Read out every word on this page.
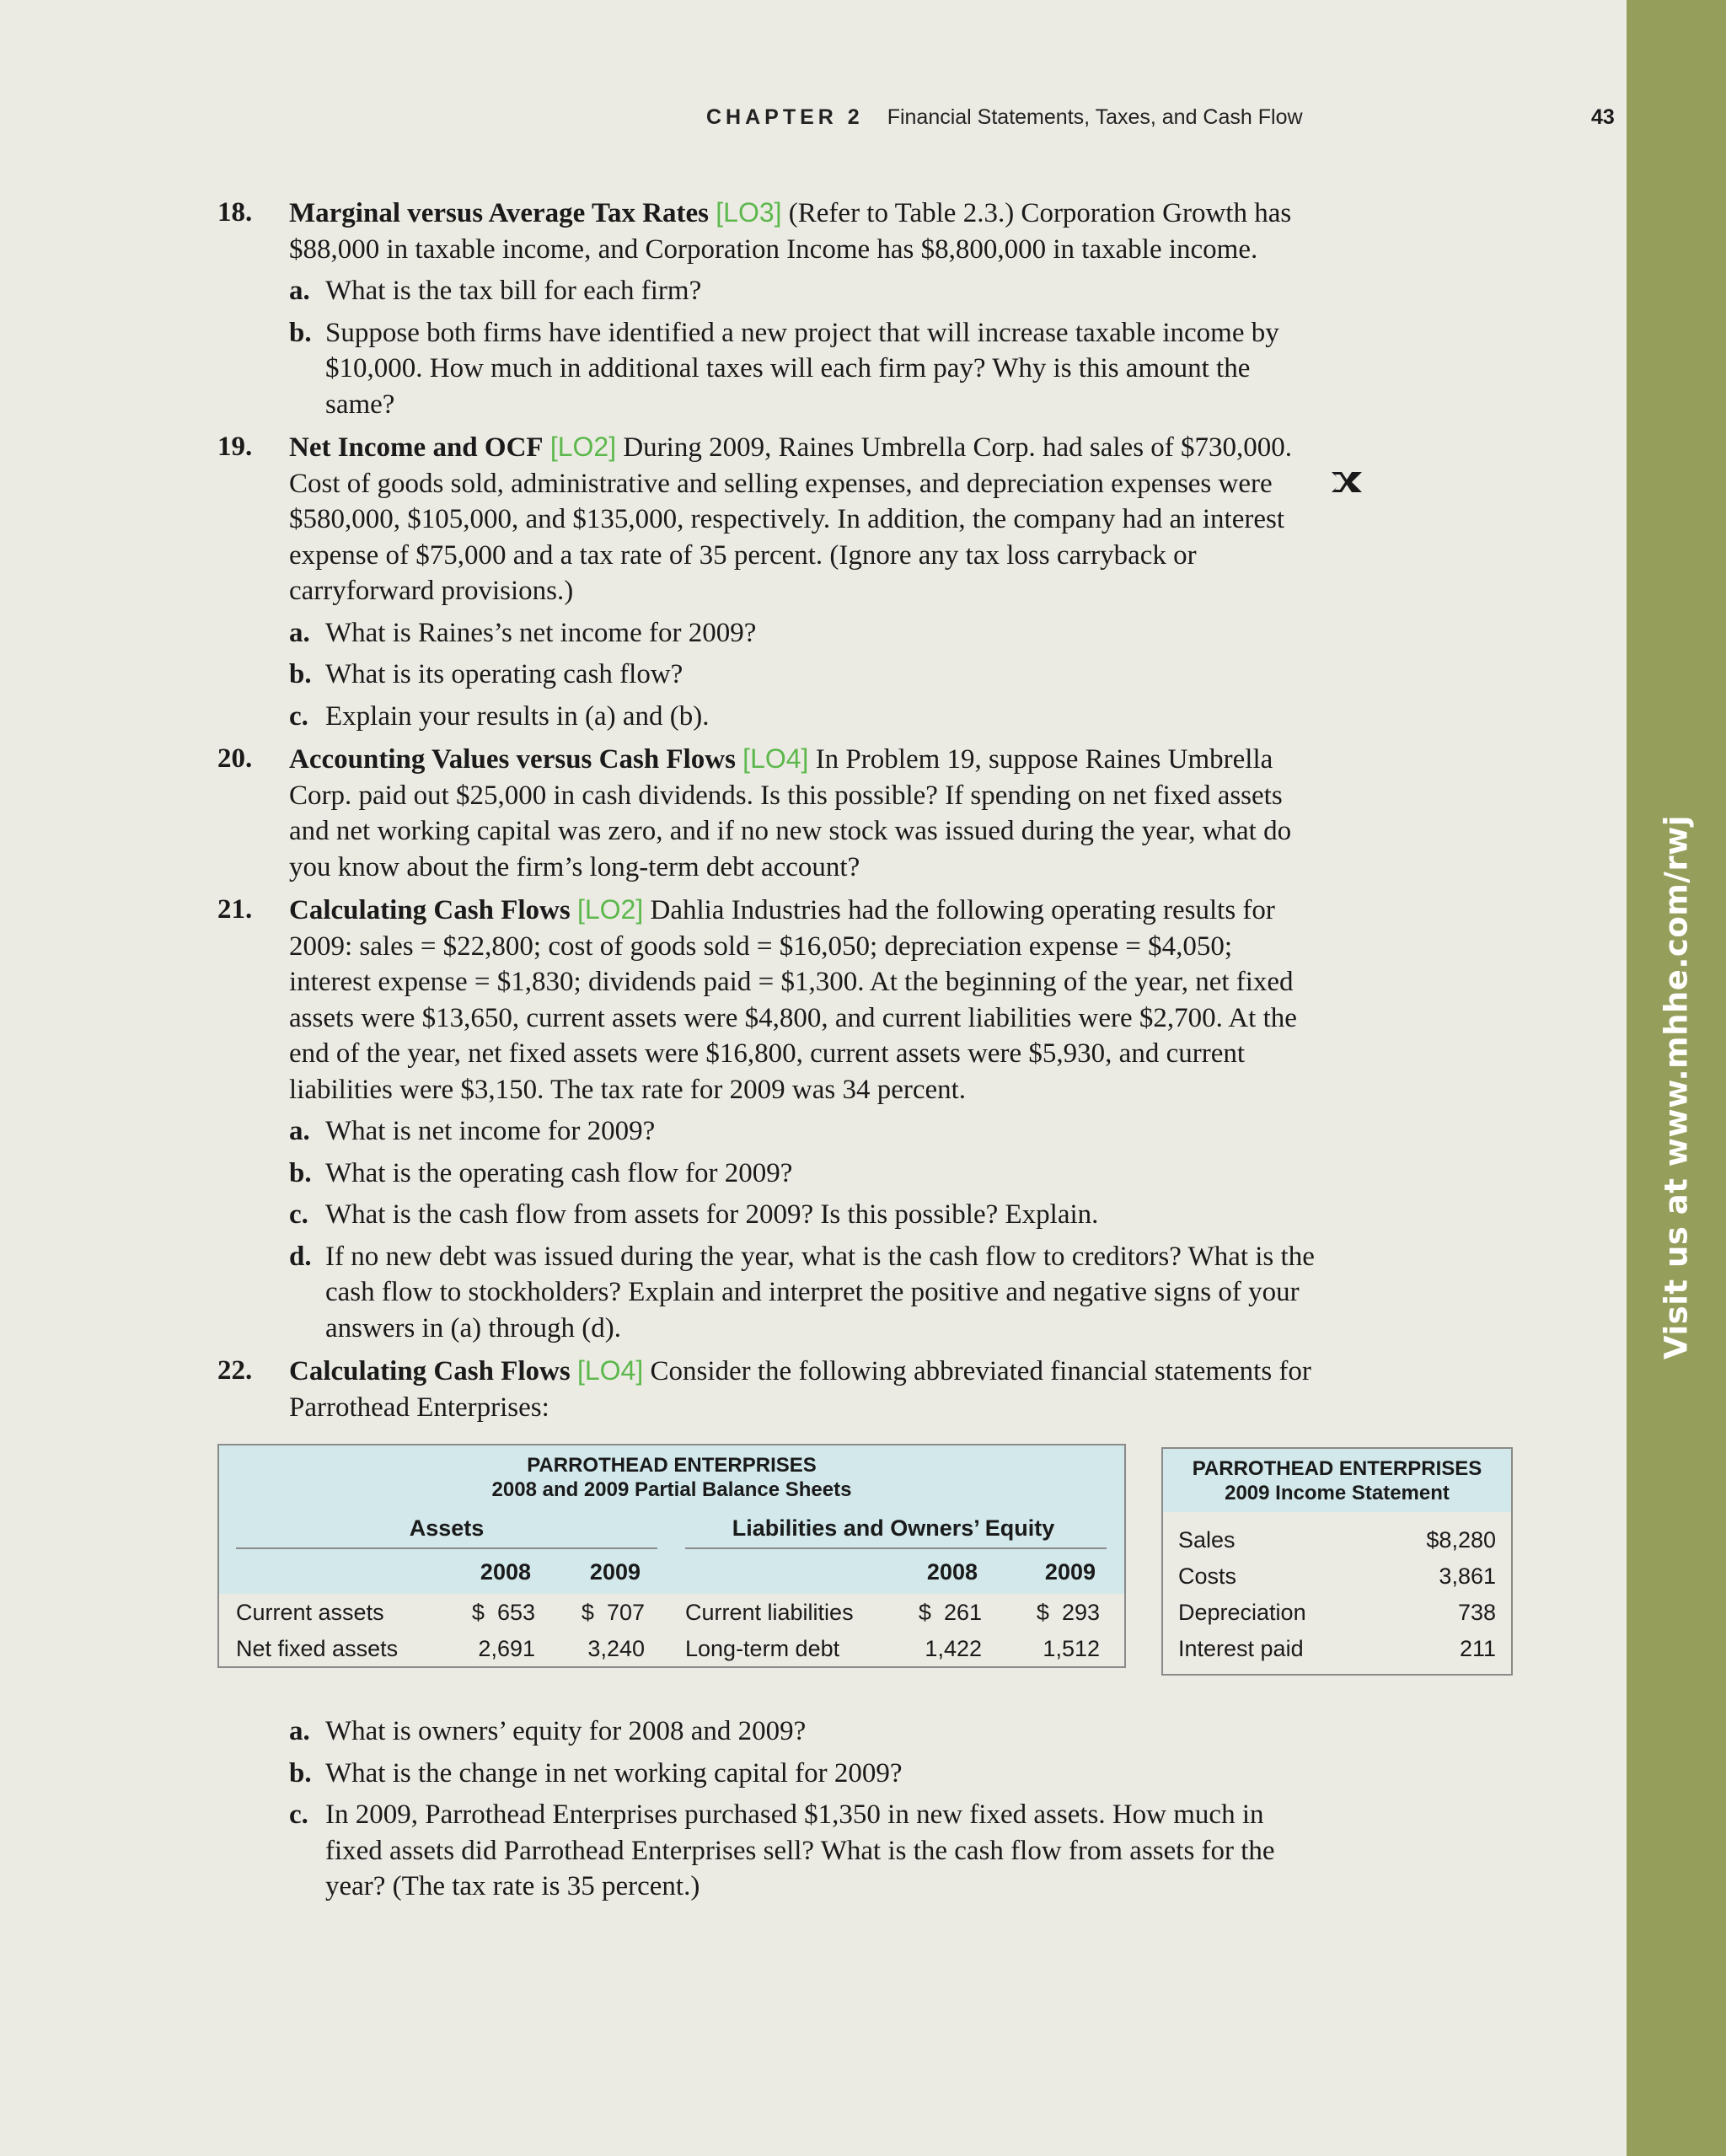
Visit us at www.mhhe.com/rwj
CHAPTER 2 Financial Statements, Taxes, and Cash Flow	43
18. Marginal versus Average Tax Rates [LO3] (Refer to Table 2.3.) Corporation Growth has $88,000 in taxable income, and Corporation Income has $8,800,000 in taxable income.
a. What is the tax bill for each firm?
b. Suppose both firms have identified a new project that will increase taxable income by $10,000. How much in additional taxes will each firm pay? Why is this amount the same?
19. Net Income and OCF [LO2] During 2009, Raines Umbrella Corp. had sales of $730,000. Cost of goods sold, administrative and selling expenses, and depreciation expenses were $580,000, $105,000, and $135,000, respectively. In addition, the company had an interest expense of $75,000 and a tax rate of 35 percent. (Ignore any tax loss carryback or carryforward provisions.)
a. What is Raines’s net income for 2009?
b. What is its operating cash flow?
c. Explain your results in (a) and (b).
20. Accounting Values versus Cash Flows [LO4] In Problem 19, suppose Raines Umbrella Corp. paid out $25,000 in cash dividends. Is this possible? If spending on net fixed assets and net working capital was zero, and if no new stock was issued during the year, what do you know about the firm’s long-term debt account?
21. Calculating Cash Flows [LO2] Dahlia Industries had the following operating results for 2009: sales = $22,800; cost of goods sold = $16,050; depreciation expense = $4,050; interest expense = $1,830; dividends paid = $1,300. At the beginning of the year, net fixed assets were $13,650, current assets were $4,800, and current liabilities were $2,700. At the end of the year, net fixed assets were $16,800, current assets were $5,930, and current liabilities were $3,150. The tax rate for 2009 was 34 percent.
a. What is net income for 2009?
b. What is the operating cash flow for 2009?
c. What is the cash flow from assets for 2009? Is this possible? Explain.
d. If no new debt was issued during the year, what is the cash flow to creditors? What is the cash flow to stockholders? Explain and interpret the positive and negative signs of your answers in (a) through (d).
22. Calculating Cash Flows [LO4] Consider the following abbreviated financial statements for Parrothead Enterprises:
PARROTHEAD ENTERPRISES
2008 and 2009 Partial Balance Sheets
Assets	Liabilities and Owners’ Equity
2008	2009	2008	2009
Current assets	$  653	$  707 Current liabilities	$  261	$  293
Net fixed assets	2,691	3,240 Long-term debt	1,422	1,512
PARROTHEAD ENTERPRISES
2009 Income Statement
Sales	$8,280
Costs	3,861
Depreciation	738
Interest paid	211
a. What is owners’ equity for 2008 and 2009?
b. What is the change in net working capital for 2009?
c. In 2009, Parrothead Enterprises purchased $1,350 in new fixed assets. How much in fixed assets did Parrothead Enterprises sell? What is the cash flow from assets for the year? (The tax rate is 35 percent.)
